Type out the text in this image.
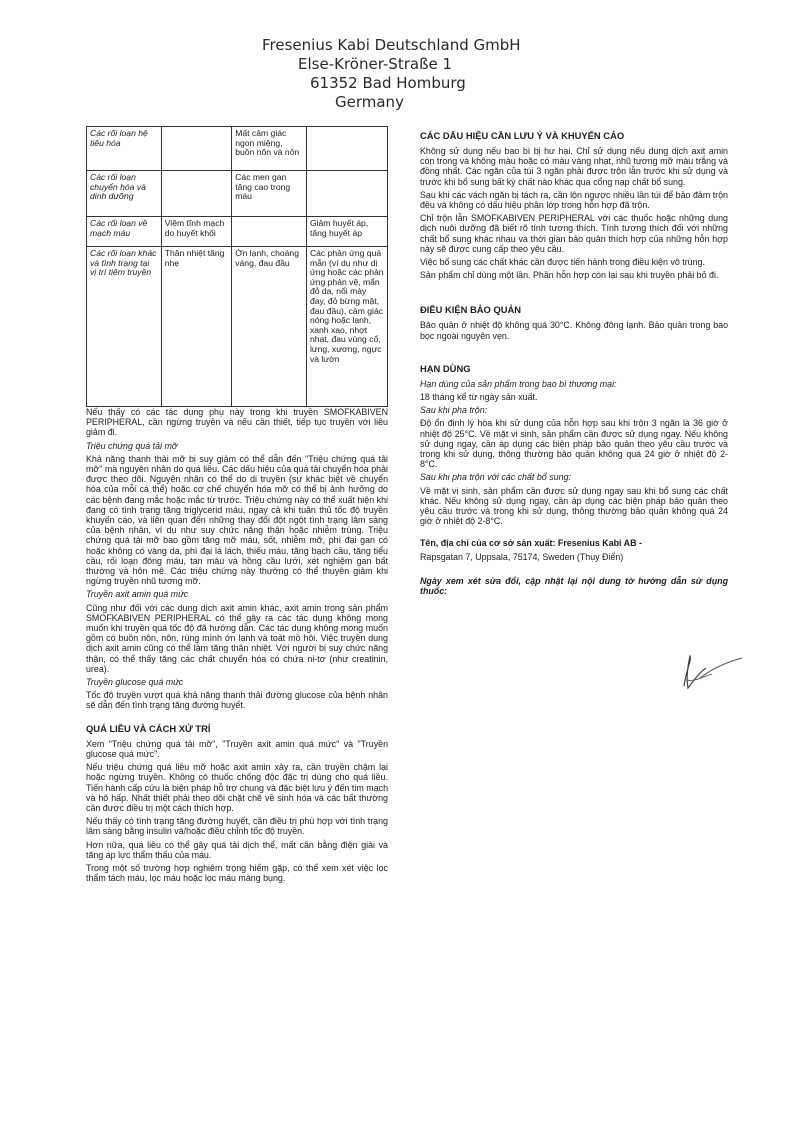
Fresenius Kabi Deutschland GmbH
Else-Kröner-Straße 1
61352 Bad Homburg
Germany
Các rối loạn hệ tiêu hóa		Mất cảm giác ngon miệng, buồn nôn và nôn	
Các rối loạn chuyển hóa và dinh dưỡng		Các men gan tăng cao trong máu	
Các rối loạn về mạch máu	Viêm tĩnh mạch do huyết khối		Giảm huyết áp, tăng huyết áp
Các rối loạn khác và tình trạng tại vị trí tiêm truyền	Thân nhiệt tăng nhẹ	Ớn lạnh, choáng váng, đau đầu	Các phản ứng quá mẫn (ví dụ như dị ứng hoặc các phản ứng phản vệ, mẩn đỏ da, nổi mày đay, đỏ bừng mặt, đau đầu), cảm giác nóng hoặc lạnh, xanh xao, nhợt nhạt, đau vùng cổ, lưng, xương, ngực và lườn

Nếu thấy có các tác dụng phụ này trong khi truyền SMOFKABIVEN PERIPHERAL, cần ngừng truyền và nếu cần thiết, tiếp tục truyền với liều giảm đi.

Triệu chứng quá tải mỡ

Khả năng thanh thải mỡ bị suy giảm có thể dẫn đến "Triệu chứng quá tải mỡ" mà nguyên nhân do quá liều. Các dấu hiệu của quá tải chuyển hóa phải được theo dõi. Nguyên nhân có thể do di truyền (sự khác biệt về chuyển hóa của mỗi cá thể) hoặc cơ chế chuyển hóa mỡ có thể bị ảnh hưởng do các bệnh đang mắc hoặc mắc từ trước. Triệu chứng này có thể xuất hiện khi đang có tình trạng tăng triglycerid máu, ngay cả khi tuân thủ tốc độ truyền khuyến cáo, và liên quan đến những thay đổi đột ngột tình trạng lâm sàng của bệnh nhân, ví dụ như suy chức năng thận hoặc nhiễm trùng. Triệu chứng quá tải mỡ bao gồm tăng mỡ máu, sốt, nhiễm mỡ, phì đại gan có hoặc không có vàng da, phì đại lá lách, thiếu máu, tăng bạch cầu, tăng tiểu cầu, rối loạn đông máu, tan máu và hồng cầu lưới, xét nghiệm gan bất thường và hôn mê. Các triệu chứng này thường có thể thuyên giảm khi ngừng truyền nhũ tương mỡ.

Truyền axit amin quá mức

Cũng như đối với các dung dịch axit amin khác, axit amin trong sản phẩm SMOFKABIVEN PERIPHERAL có thể gây ra các tác dụng không mong muốn khi truyền quá tốc độ đã hướng dẫn. Các tác dụng không mong muốn gồm có buồn nôn, nôn, rùng mình ớn lạnh và toát mồ hôi. Việc truyền dung dịch axit amin cũng có thể làm tăng thân nhiệt. Với người bị suy chức năng thận, có thể thấy tăng các chất chuyển hóa có chứa ni-tơ (như creatinin, urea).

Truyền glucose quá mức

Tốc độ truyền vượt quá khả năng thanh thải đường glucose của bệnh nhân sẽ dẫn đến tình trạng tăng đường huyết.

QUÁ LIỀU VÀ CÁCH XỬ TRÍ

Xem "Triệu chứng quá tải mỡ", "Truyền axit amin quá mức" và "Truyền glucose quá mức".

Nếu triệu chứng quá liều mỡ hoặc axit amin xảy ra, cần truyền chậm lại hoặc ngừng truyền. Không có thuốc chống độc đặc trị dùng cho quá liều. Tiến hành cấp cứu là biện pháp hỗ trợ chung và đặc biệt lưu ý đến tim mạch và hô hấp. Nhất thiết phải theo dõi chặt chẽ về sinh hóa và các bất thường cần được điều trị một cách thích hợp.

Nếu thấy có tình trạng tăng đường huyết, cần điều trị phù hợp với tình trạng lâm sàng bằng insulin và/hoặc điều chỉnh tốc độ truyền.

Hơn nữa, quá liều có thể gây quá tải dịch thể, mất cân bằng điện giải và tăng áp lực thẩm thấu của máu.

Trong một số trường hợp nghiêm trọng hiếm gặp, có thể xem xét việc lọc thẩm tách máu, lọc máu hoặc lọc máu màng bụng.

CÁC DẤU HIỆU CẦN LƯU Ý VÀ KHUYẾN CÁO

Không sử dụng nếu bao bì bị hư hại. Chỉ sử dụng nếu dung dịch axit amin còn trong và không màu hoặc có màu vàng nhạt, nhũ tương mỡ màu trắng và đồng nhất. Các ngăn của túi 3 ngăn phải được trộn lẫn trước khi sử dụng và trước khi bổ sung bất kỳ chất nào khác qua cổng nạp chất bổ sung.

Sau khi các vách ngăn bị tách ra, cần lộn ngược nhiều lần túi để bảo đảm trộn đều và không có dấu hiệu phân lớp trong hỗn hợp đã trộn.

Chỉ trộn lẫn SMOFKABIVEN PERIPHERAL với các thuốc hoặc những dung dịch nuôi dưỡng đã biết rõ tính tương thích. Tính tương thích đối với những chất bổ sung khác nhau và thời gian bảo quản thích hợp của những hỗn hợp này sẽ được cung cấp theo yêu cầu.

Việc bổ sung các chất khác cần được tiến hành trong điều kiện vô trùng.

Sản phẩm chỉ dùng một lần. Phần hỗn hợp còn lại sau khi truyền phải bỏ đi.

ĐIỀU KIỆN BẢO QUẢN

Bảo quản ở nhiệt độ không quá 30°C. Không đông lạnh. Bảo quản trong bao bọc ngoài nguyên vẹn.

HẠN DÙNG
Hạn dùng của sản phẩm trong bao bì thương mại:

18 tháng kể từ ngày sản xuất.

Sau khi pha trộn:

Độ ổn định lý hóa khi sử dụng của hỗn hợp sau khi trộn 3 ngăn là 36 giờ ở nhiệt độ 25°C. Về mặt vi sinh, sản phẩm cần được sử dụng ngay. Nếu không sử dụng ngay, cần áp dụng các biện pháp bảo quản theo yêu cầu trước và trong khi sử dụng, thông thường bảo quản không quá 24 giờ ở nhiệt độ 2-8°C.

Sau khi pha trộn với các chất bổ sung:

Về mặt vi sinh, sản phẩm cần được sử dụng ngay sau khi bổ sung các chất khác. Nếu không sử dụng ngay, cần áp dụng các biện pháp bảo quản theo yêu cầu trước và trong khi sử dụng, thông thường bảo quản không quá 24 giờ ở nhiệt độ 2-8°C.

Tên, địa chỉ của cơ sở sản xuất: Fresenius Kabi AB -

Rapsgatan 7, Uppsala, 75174, Sweden (Thụy Điển)

Ngày xem xét sửa đổi, cập nhật lại nội dung tờ hướng dẫn sử dụng thuốc:
